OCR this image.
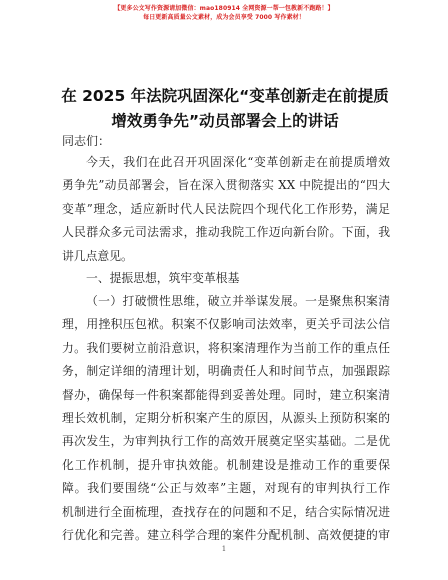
【更多公文写作资源请加微信：mao180914 全网资源一帮一包教新不跑路！】
每日更新高质量公文素材，成为会员享受 7000 写作素材！
在 2025 年法院巩固深化“变革创新走在前提质
增效勇争先”动员部署会上的讲话
同志们：
今天，我们在此召开巩固深化“变革创新走在前提质增效
勇争先”动员部署会，旨在深入贯彻落实 XX 中院提出的“四大
变革”理念，适应新时代人民法院四个现代化工作形势，满足
人民群众多元司法需求，推动我院工作迈向新台阶。下面，我
讲几点意见。
一、提振思想，筑牢变革根基
（一）打破惯性思维，破立并举谋发展。一是聚焦积案清
理，用挫积压包袱。积案不仅影响司法效率，更关乎司法公信
力。我们要树立前沿意识，将积案清理作为当前工作的重点任
务，制定详细的清理计划，明确责任人和时间节点，加强跟踪
督办，确保每一件积案都能得到妥善处理。同时，建立积案清
理长效机制，定期分析积案产生的原因，从源头上预防积案的
再次发生，为审判执行工作的高效开展奠定坚实基础。二是优
化工作机制，提升审执效能。机制建设是推动工作的重要保
障。我们要围绕“公正与效率”主题，对现有的审判执行工作
机制进行全面梳理，查找存在的问题和不足，结合实际情况进
行优化和完善。建立科学合理的案件分配机制、高效便捷的审
1
